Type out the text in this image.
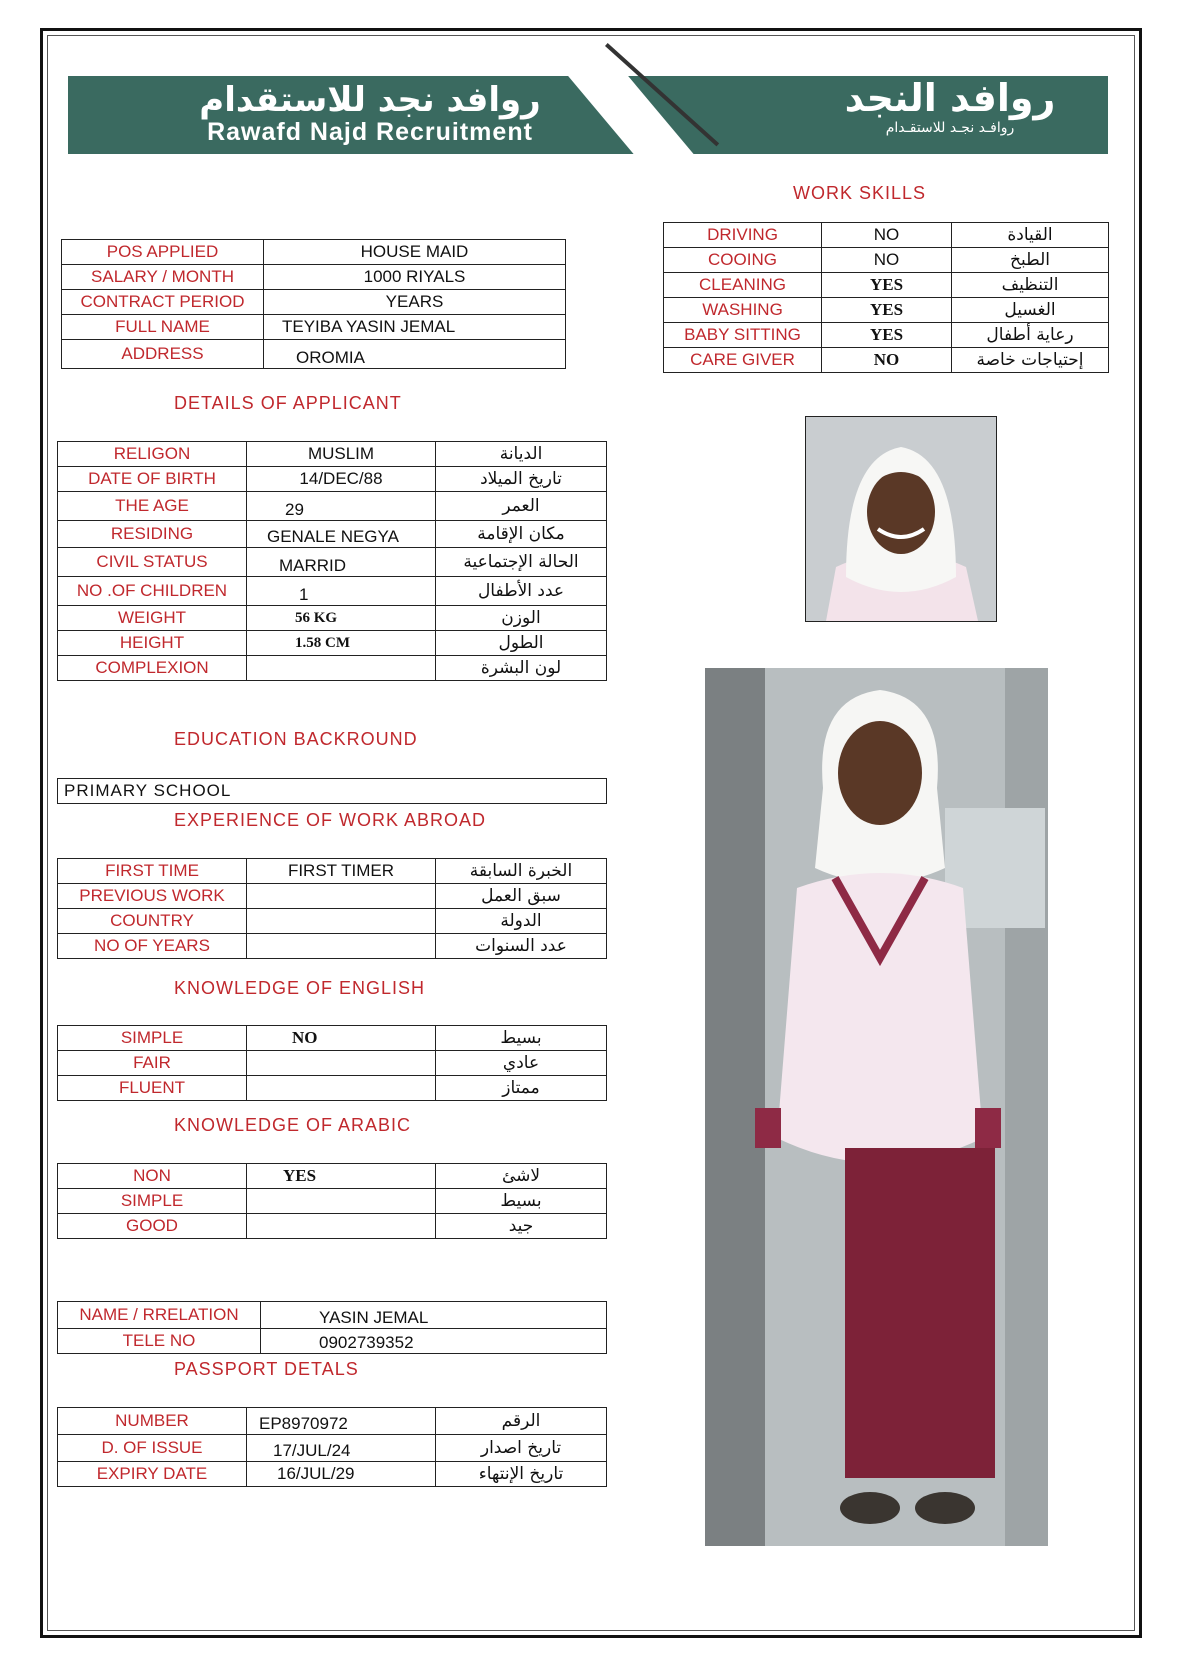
روافد نجد للاستقدام
Rawafd Najd Recruitment
روافد النجد
روافـد نجـد للاستقـدام
POS APPLIED	HOUSE MAID
SALARY / MONTH	1000 RIYALS
CONTRACT PERIOD	YEARS
FULL NAME	TEYIBA YASIN JEMAL
ADDRESS	OROMIA
WORK SKILLS
DRIVING	NO	القيادة
COOING	NO	الطبخ
CLEANING	YES	التنظيف
WASHING	YES	الغسيل
BABY SITTING	YES	رعاية أطفال
CARE GIVER	NO	إحتياجات خاصة
DETAILS OF APPLICANT
RELIGON	MUSLIM	الديانة
DATE OF BIRTH	14/DEC/88	تاريخ الميلاد
THE AGE	29	العمر
RESIDING	GENALE NEGYA	مكان الإقامة
CIVIL STATUS	MARRID	الحالة الإجتماعية
NO .OF CHILDREN	1	عدد الأطفال
WEIGHT	56 KG	الوزن
HEIGHT	1.58 CM	الطول
COMPLEXION		لون البشرة
EDUCATION BACKROUND
PRIMARY SCHOOL
EXPERIENCE OF WORK ABROAD
FIRST TIME	FIRST TIMER	الخبرة السابقة
PREVIOUS WORK		سبق العمل
COUNTRY		الدولة
NO OF YEARS		عدد السنوات
KNOWLEDGE OF ENGLISH
SIMPLE	NO	بسيط
FAIR		عادي
FLUENT		ممتاز
KNOWLEDGE OF ARABIC
NON	YES	لاشئ
SIMPLE		بسيط
GOOD		جيد
NAME / RRELATION	YASIN JEMAL
TELE NO	0902739352
PASSPORT DETALS
NUMBER	EP8970972	الرقم
D. OF ISSUE	17/JUL/24	تاريخ اصدار
EXPIRY DATE	16/JUL/29	تاريخ الإنتهاء
